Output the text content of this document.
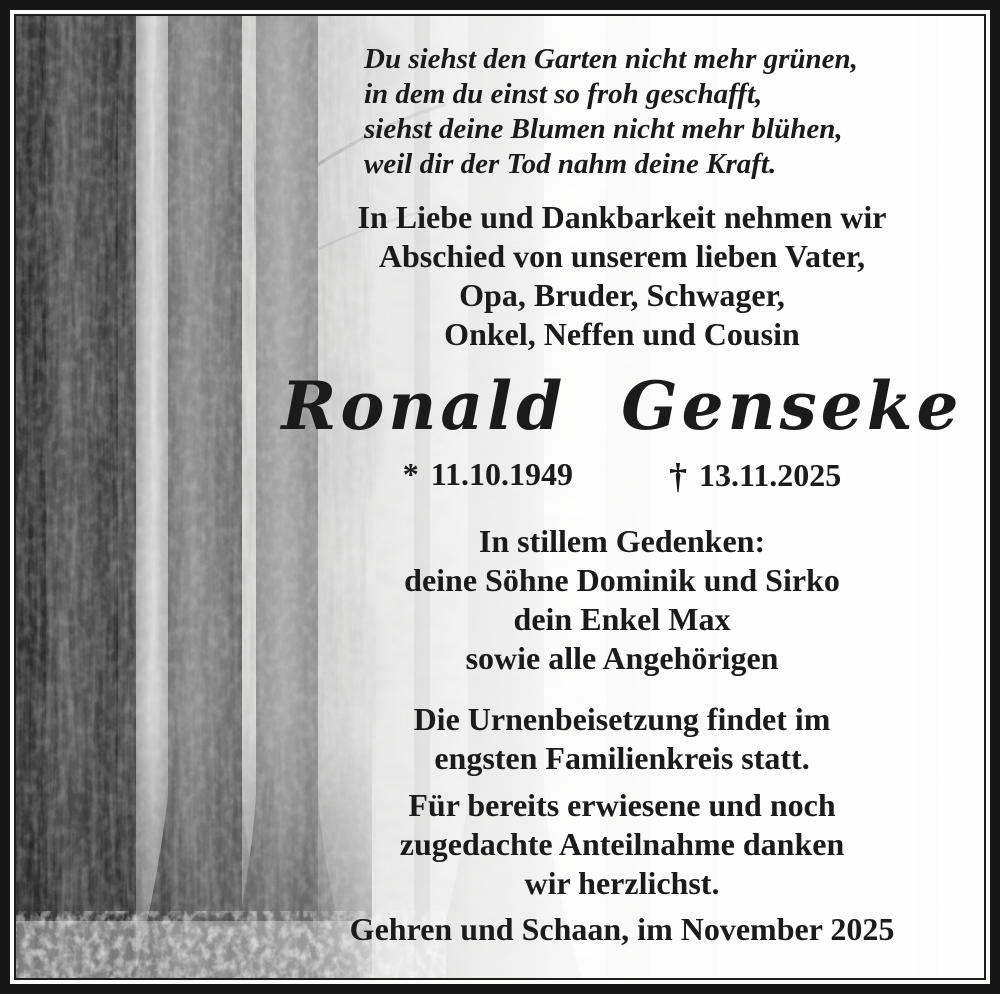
Du siehst den Garten nicht mehr grünen,
in dem du einst so froh geschafft,
siehst deine Blumen nicht mehr blühen,
weil dir der Tod nahm deine Kraft.
In Liebe und Dankbarkeit nehmen wir
Abschied von unserem lieben Vater,
Opa, Bruder, Schwager,
Onkel, Neffen und Cousin
Ronald Genseke
* 11.10.1949	† 13.11.2025
In stillem Gedenken:
deine Söhne Dominik und Sirko
dein Enkel Max
sowie alle Angehörigen
Die Urnenbeisetzung findet im
engsten Familienkreis statt.
Für bereits erwiesene und noch
zugedachte Anteilnahme danken
wir herzlichst.
Gehren und Schaan, im November 2025
